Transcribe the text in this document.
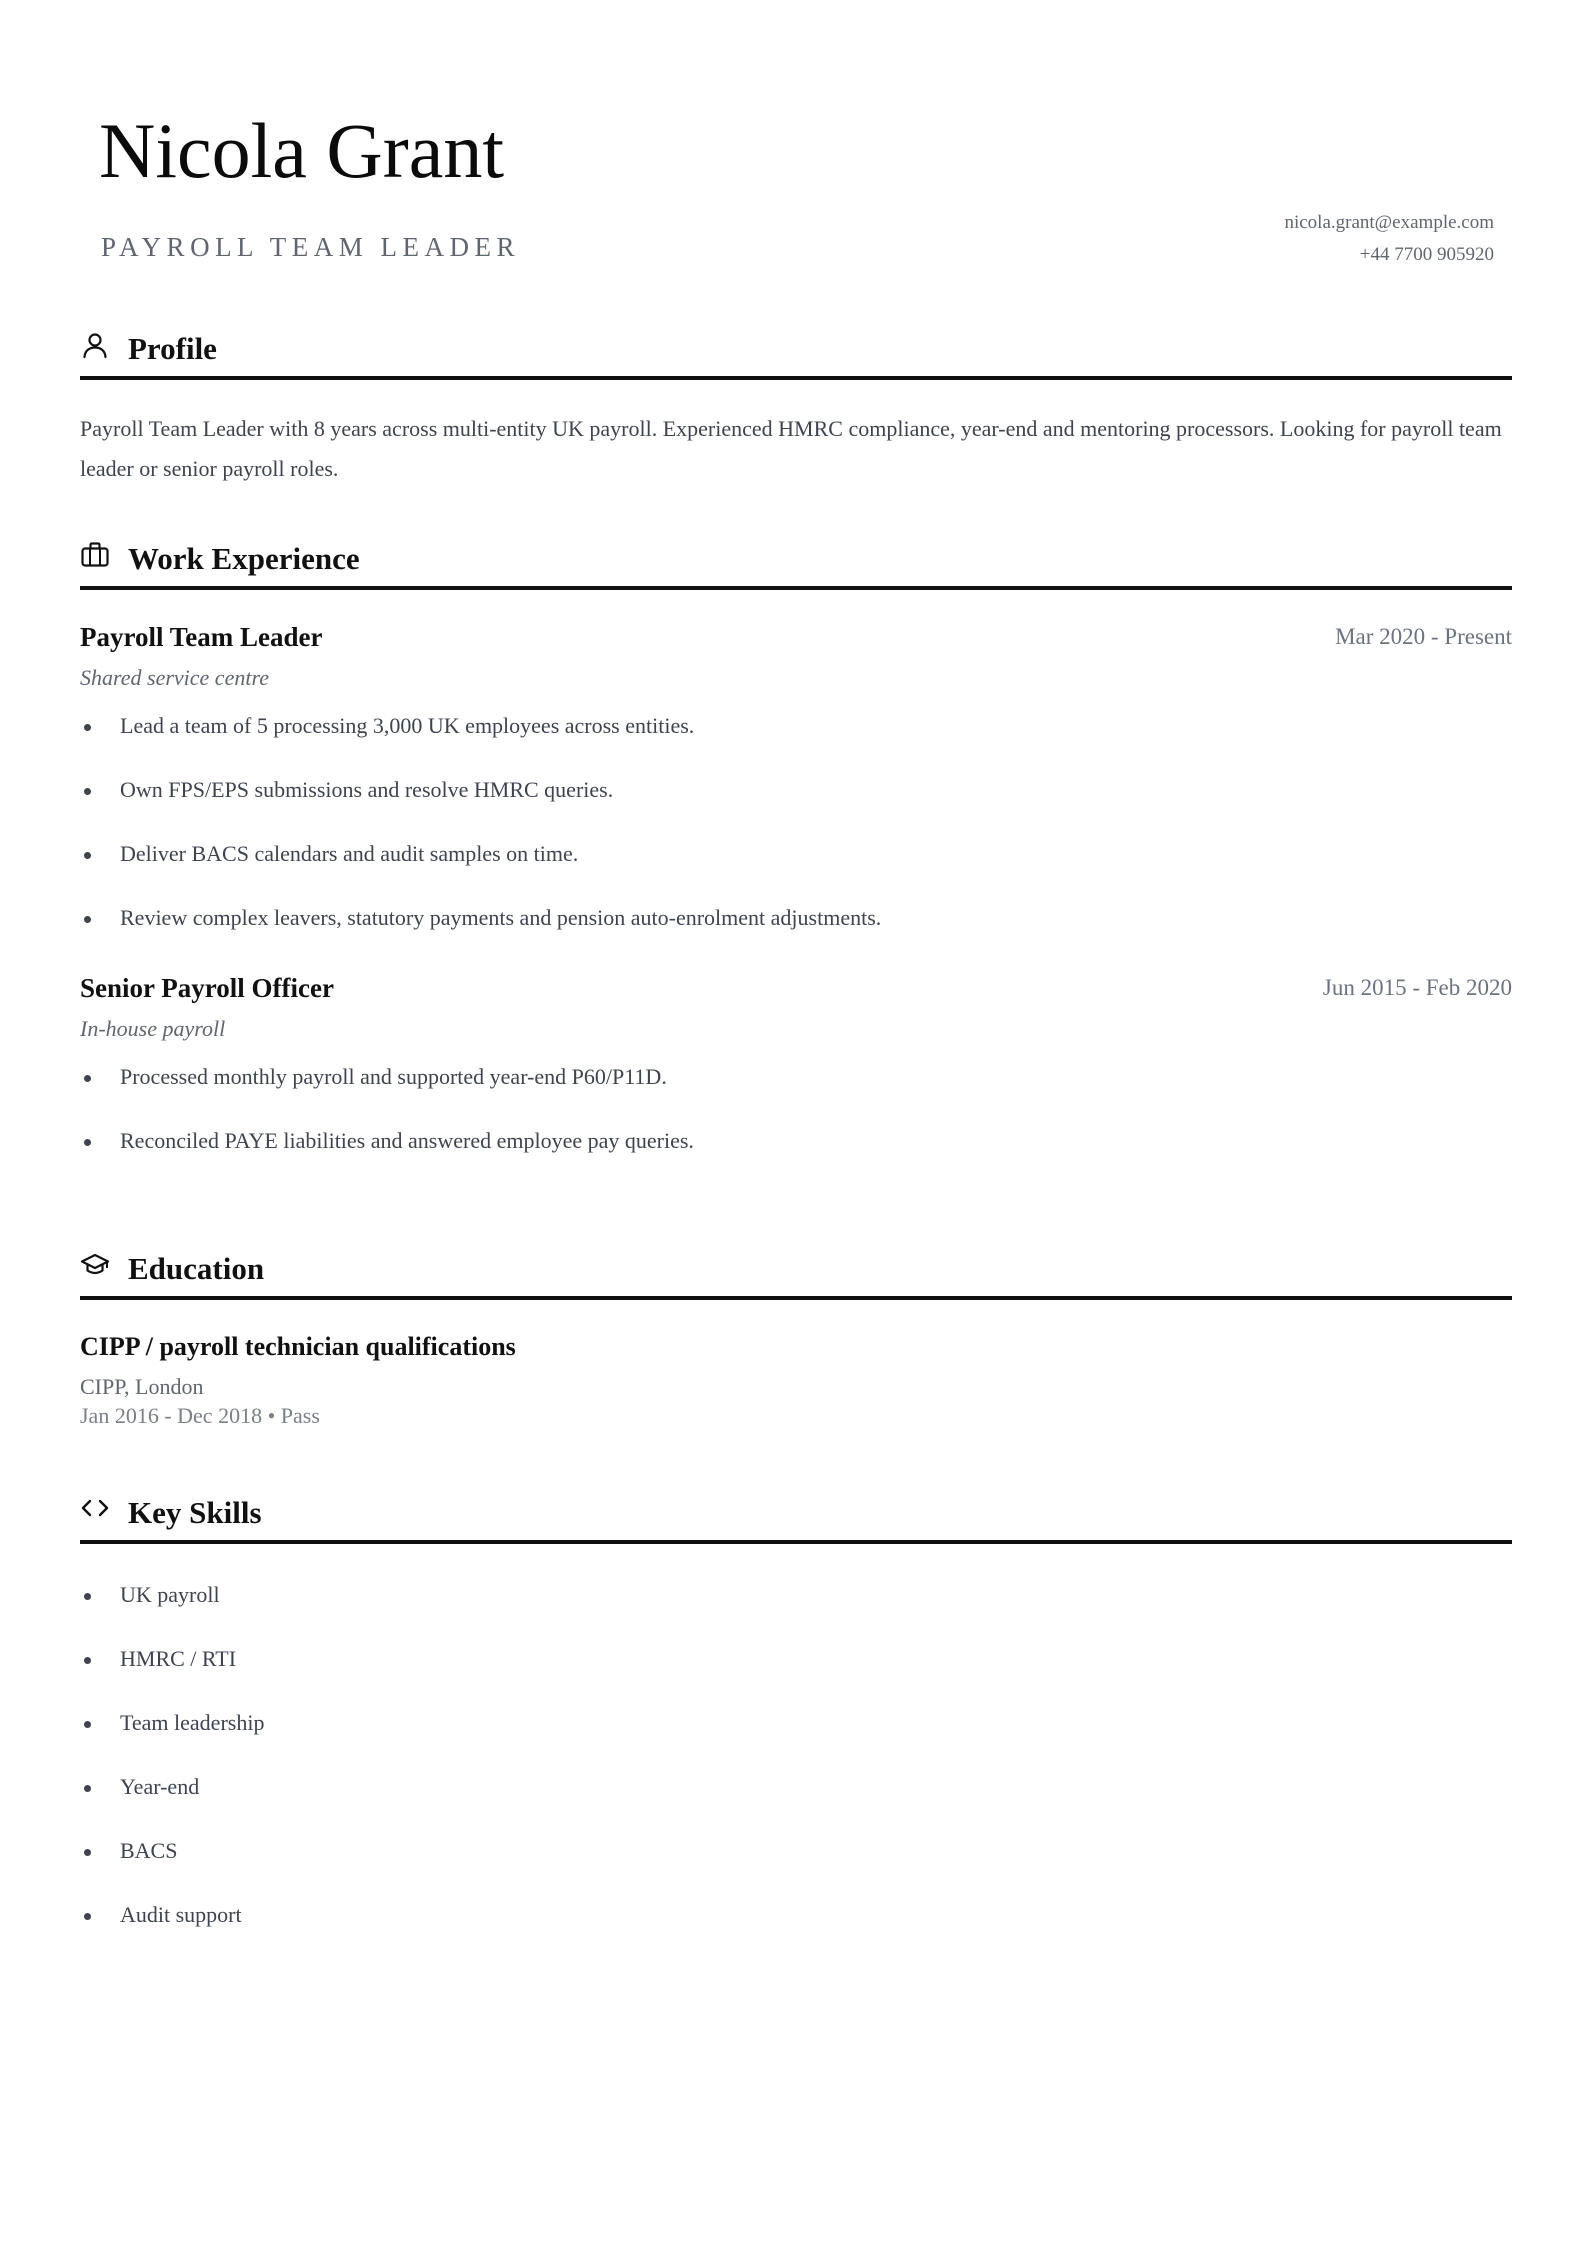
Nicola Grant
PAYROLL TEAM LEADER
nicola.grant@example.com
+44 7700 905920
Profile
Payroll Team Leader with 8 years across multi-entity UK payroll. Experienced HMRC compliance, year-end and mentoring processors. Looking for payroll team leader or senior payroll roles.
Work Experience
Payroll Team Leader	Mar 2020 - Present
Shared service centre
Lead a team of 5 processing 3,000 UK employees across entities.
Own FPS/EPS submissions and resolve HMRC queries.
Deliver BACS calendars and audit samples on time.
Review complex leavers, statutory payments and pension auto-enrolment adjustments.
Senior Payroll Officer	Jun 2015 - Feb 2020
In-house payroll
Processed monthly payroll and supported year-end P60/P11D.
Reconciled PAYE liabilities and answered employee pay queries.
Education
CIPP / payroll technician qualifications
CIPP, London
Jan 2016 - Dec 2018 • Pass
Key Skills
UK payroll
HMRC / RTI
Team leadership
Year-end
BACS
Audit support
